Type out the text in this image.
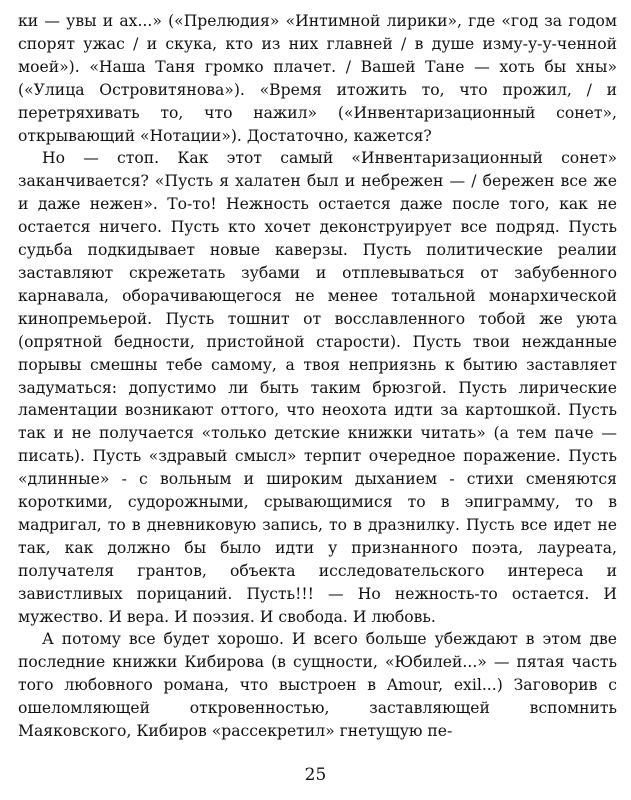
ки — увы и ах...» («Прелюдия» «Интимной лирики», где «год за годом спорят ужас / и скука, кто из них главней / в душе изму-у-у-ченной моей»). «Наша Таня громко плачет. / Вашей Тане — хоть бы хны» («Улица Островитянова»). «Время итожить то, что прожил, / и перетряхивать то, что нажил» («Инвентаризационный сонет», открывающий «Нотации»). Достаточно, кажется?

Но — стоп. Как этот самый «Инвентаризационный сонет» заканчивается? «Пусть я халатен был и небрежен — / бережен все же и даже нежен». То-то! Нежность остается даже после того, как не остается ничего. Пусть кто хочет деконструирует все подряд. Пусть судьба подкидывает новые каверзы. Пусть политические реалии заставляют скрежетать зубами и отплевываться от забубенного карнавала, оборачивающегося не менее тотальной монархической кинопремьерой. Пусть тошнит от восславленного тобой же уюта (опрятной бедности, пристойной старости). Пусть твои нежданные порывы смешны тебе самому, а твоя неприязнь к бытию заставляет задуматься: допустимо ли быть таким брюзгой. Пусть лирические ламентации возникают оттого, что неохота идти за картошкой. Пусть так и не получается «только детские книжки читать» (а тем паче — писать). Пусть «здравый смысл» терпит очередное поражение. Пусть «длинные» - с вольным и широким дыханием - стихи сменяются короткими, судорожными, срывающимися то в эпиграмму, то в мадригал, то в дневниковую запись, то в дразнилку. Пусть все идет не так, как должно бы было идти у признанного поэта, лауреата, получателя грантов, объекта исследовательского интереса и завистливых порицаний. Пусть!!! — Но нежность-то остается. И мужество. И вера. И поэзия. И свобода. И любовь.

А потому все будет хорошо. И всего больше убеждают в этом две последние книжки Кибирова (в сущности, «Юбилей...» — пятая часть того любовного романа, что выстроен в Amour, exil...) Заговорив с ошеломляющей откровенностью, заставляющей вспомнить Маяковского, Кибиров «рассекретил» гнетущую пе-

25
